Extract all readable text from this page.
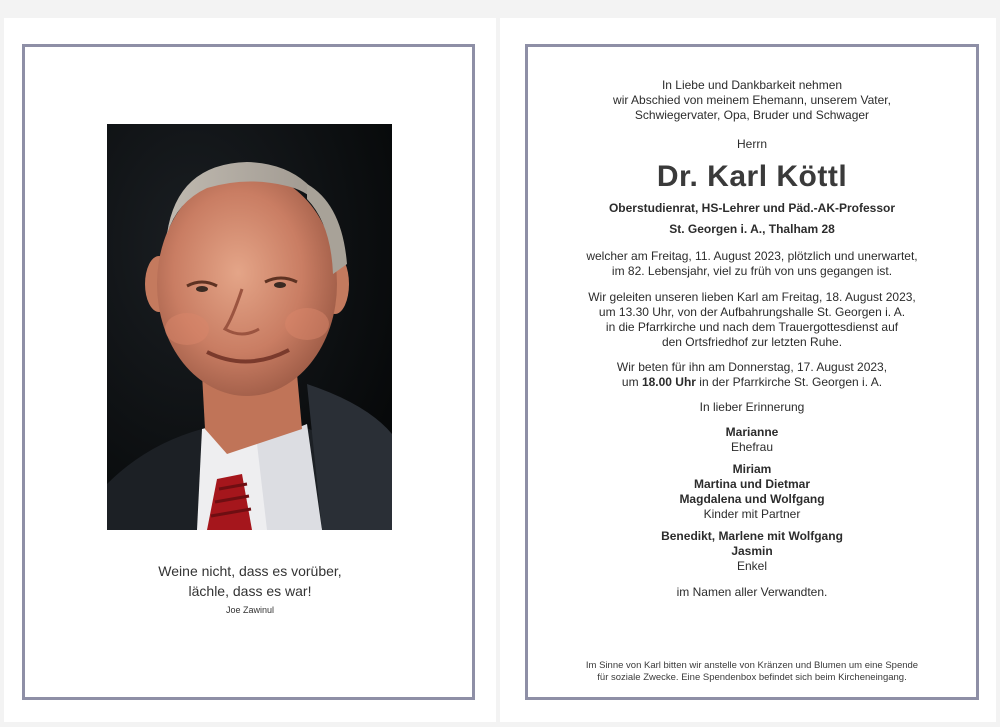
Weine nicht, dass es vorüber,
lächle, dass es war!
Joe Zawinul
In Liebe und Dankbarkeit nehmen
wir Abschied von meinem Ehemann, unserem Vater,
Schwiegervater, Opa, Bruder und Schwager
Herrn
Dr. Karl Köttl
Oberstudienrat, HS-Lehrer und Päd.-AK-Professor
St. Georgen i. A., Thalham 28
welcher am Freitag, 11. August 2023, plötzlich und unerwartet,
im 82. Lebensjahr, viel zu früh von uns gegangen ist.
Wir geleiten unseren lieben Karl am Freitag, 18. August 2023,
um 13.30 Uhr, von der Aufbahrungshalle St. Georgen i. A.
in die Pfarrkirche und nach dem Trauergottesdienst auf
den Ortsfriedhof zur letzten Ruhe.
Wir beten für ihn am Donnerstag, 17. August 2023,
um 18.00 Uhr in der Pfarrkirche St. Georgen i. A.
In lieber Erinnerung
Marianne
Ehefrau
Miriam
Martina und Dietmar
Magdalena und Wolfgang
Kinder mit Partner
Benedikt, Marlene mit Wolfgang
Jasmin
Enkel
im Namen aller Verwandten.
Im Sinne von Karl bitten wir anstelle von Kränzen und Blumen um eine Spende
für soziale Zwecke. Eine Spendenbox befindet sich beim Kircheneingang.
